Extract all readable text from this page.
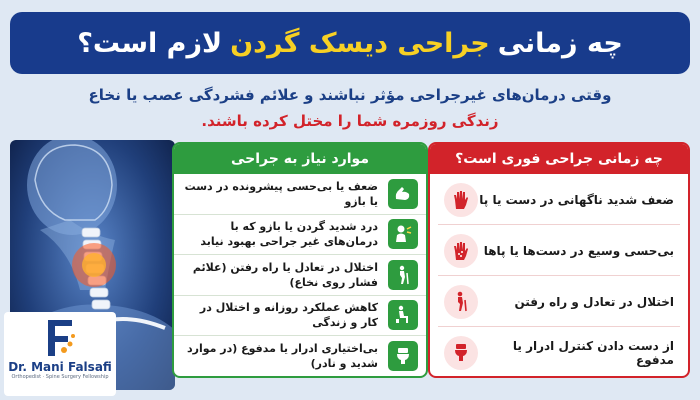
چه زمانی
جراحی دیسک گردن
لازم است؟
وقتی درمان‌های غیرجراحی مؤثر نباشند و علائم فشردگی عصب یا نخاع
زندگی روزمره شما را مختل کرده باشند.
Dr. Mani Falsafi
Orthopedist · Spine Surgery Fellowship
موارد نیاز به جراحی
ضعف یا بی‌حسی پیشرونده در دست یا بازو
درد شدید گردن یا بازو که با درمان‌های غیر جراحی بهبود نیابد
اختلال در تعادل یا راه رفتن (علائم فشار روی نخاع)
کاهش عملکرد روزانه و اختلال در کار و زندگی
بی‌اختیاری ادرار یا مدفوع (در موارد شدید و نادر)
چه زمانی جراحی فوری است؟
ضعف شدید ناگهانی در دست یا پا
بی‌حسی وسیع در دست‌ها یا پاها
اختلال در تعادل و راه رفتن
از دست دادن کنترل ادرار یا مدفوع
